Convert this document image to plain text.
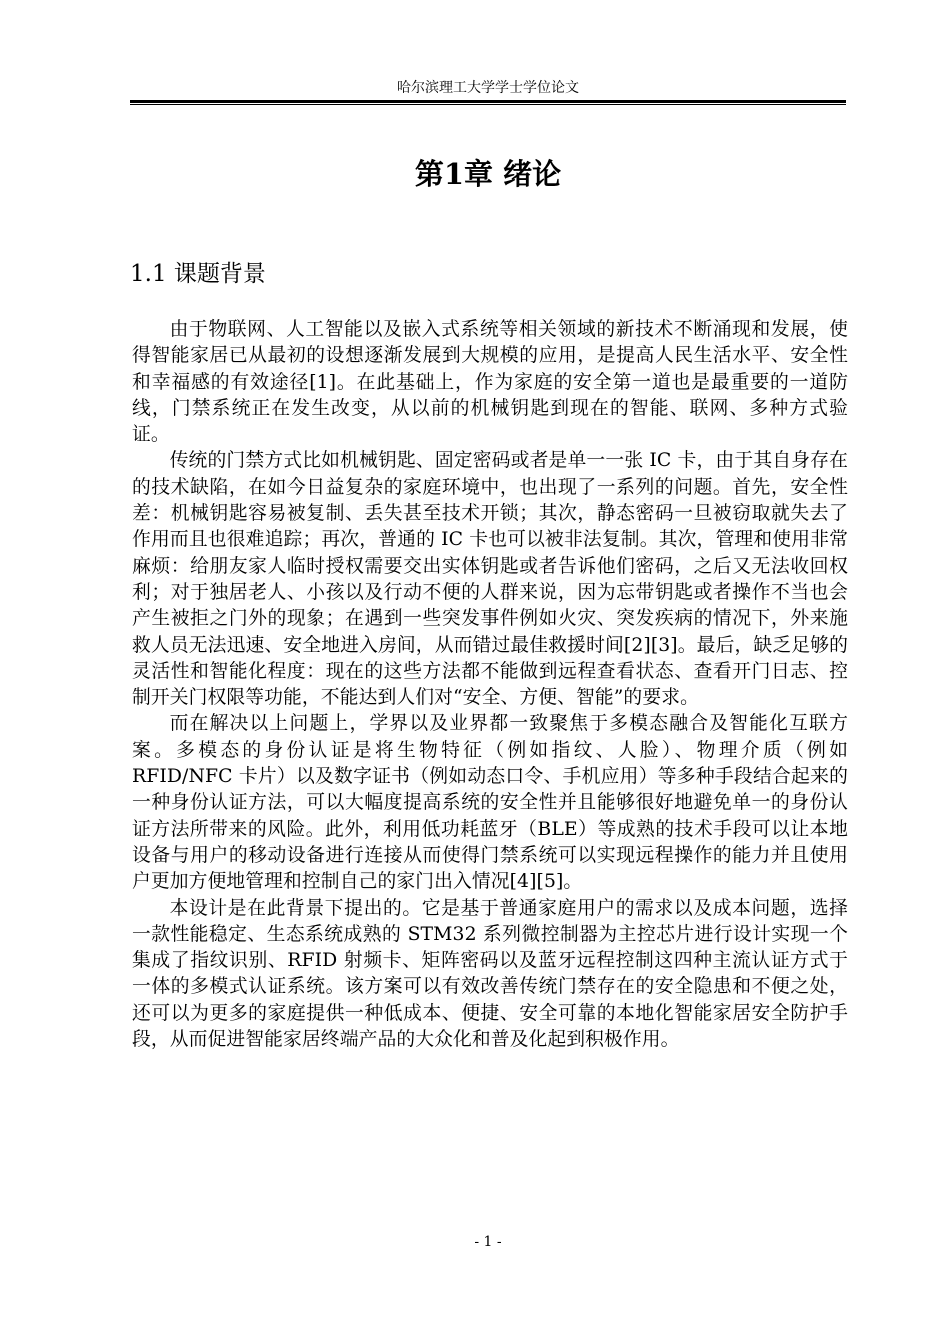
哈尔滨理工大学学士学位论文
第1章 绪论
1.1 课题背景

由于物联网、人工智能以及嵌入式系统等相关领域的新技术不断涌现和发展，使得智能家居已从最初的设想逐渐发展到大规模的应用，是提高人民生活水平、安全性和幸福感的有效途径[1]。在此基础上，作为家庭的安全第一道也是最重要的一道防线，门禁系统正在发生改变，从以前的机械钥匙到现在的智能、联网、多种方式验证。

传统的门禁方式比如机械钥匙、固定密码或者是单一一张 IC 卡，由于其自身存在的技术缺陷，在如今日益复杂的家庭环境中，也出现了一系列的问题。首先，安全性差：机械钥匙容易被复制、丢失甚至技术开锁；其次，静态密码一旦被窃取就失去了作用而且也很难追踪；再次，普通的 IC 卡也可以被非法复制。其次，管理和使用非常麻烦：给朋友家人临时授权需要交出实体钥匙或者告诉他们密码，之后又无法收回权利；对于独居老人、小孩以及行动不便的人群来说，因为忘带钥匙或者操作不当也会产生被拒之门外的现象；在遇到一些突发事件例如火灾、突发疾病的情况下，外来施救人员无法迅速、安全地进入房间，从而错过最佳救援时间[2][3]。最后，缺乏足够的灵活性和智能化程度：现在的这些方法都不能做到远程查看状态、查看开门日志、控制开关门权限等功能，不能达到人们对“安全、方便、智能”的要求。

而在解决以上问题上，学界以及业界都一致聚焦于多模态融合及智能化互联方案。多模态的身份认证是将生物特征（例如指纹、人脸）、物理介质（例如 RFID/NFC 卡片）以及数字证书（例如动态口令、手机应用）等多种手段结合起来的一种身份认证方法，可以大幅度提高系统的安全性并且能够很好地避免单一的身份认证方法所带来的风险。此外，利用低功耗蓝牙（BLE）等成熟的技术手段可以让本地设备与用户的移动设备进行连接从而使得门禁系统可以实现远程操作的能力并且使用户更加方便地管理和控制自己的家门出入情况[4][5]。

本设计是在此背景下提出的。它是基于普通家庭用户的需求以及成本问题，选择一款性能稳定、生态系统成熟的 STM32 系列微控制器为主控芯片进行设计实现一个集成了指纹识别、RFID 射频卡、矩阵密码以及蓝牙远程控制这四种主流认证方式于一体的多模式认证系统。该方案可以有效改善传统门禁存在的安全隐患和不便之处，还可以为更多的家庭提供一种低成本、便捷、安全可靠的本地化智能家居安全防护手段，从而促进智能家居终端产品的大众化和普及化起到积极作用。

- 1 -
